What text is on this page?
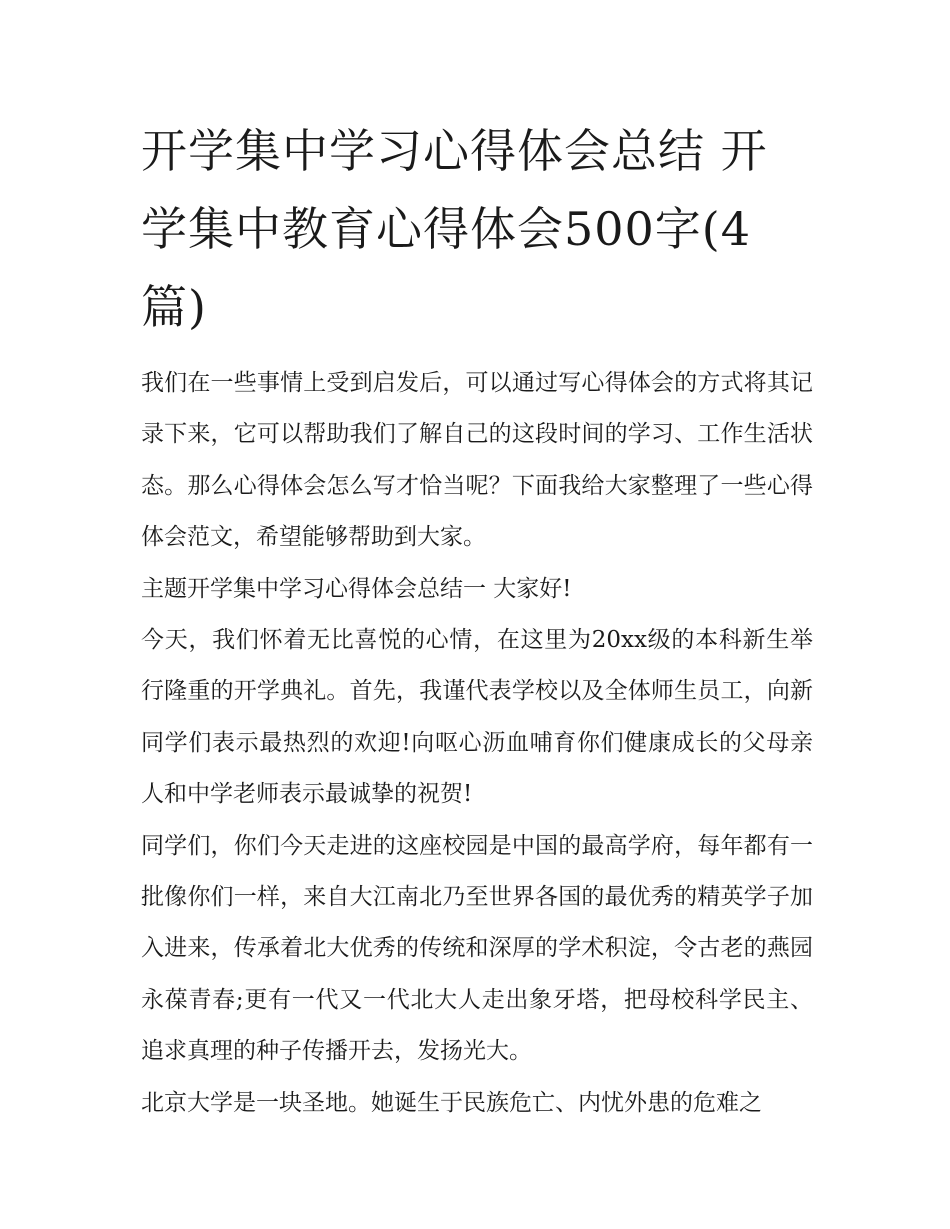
开学集中学习心得体会总结 开学集中教育心得体会500字(4篇)

我们在一些事情上受到启发后，可以通过写心得体会的方式将其记录下来，它可以帮助我们了解自己的这段时间的学习、工作生活状态。那么心得体会怎么写才恰当呢？下面我给大家整理了一些心得体会范文，希望能够帮助到大家。

主题开学集中学习心得体会总结一 大家好!

今天，我们怀着无比喜悦的心情，在这里为20xx级的本科新生举行隆重的开学典礼。首先，我谨代表学校以及全体师生员工，向新同学们表示最热烈的欢迎!向呕心沥血哺育你们健康成长的父母亲人和中学老师表示最诚挚的祝贺!

同学们，你们今天走进的这座校园是中国的最高学府，每年都有一批像你们一样，来自大江南北乃至世界各国的最优秀的精英学子加入进来，传承着北大优秀的传统和深厚的学术积淀，令古老的燕园永葆青春;更有一代又一代北大人走出象牙塔，把母校科学民主、追求真理的种子传播开去，发扬光大。

北京大学是一块圣地。她诞生于民族危亡、内忧外患的危难之
